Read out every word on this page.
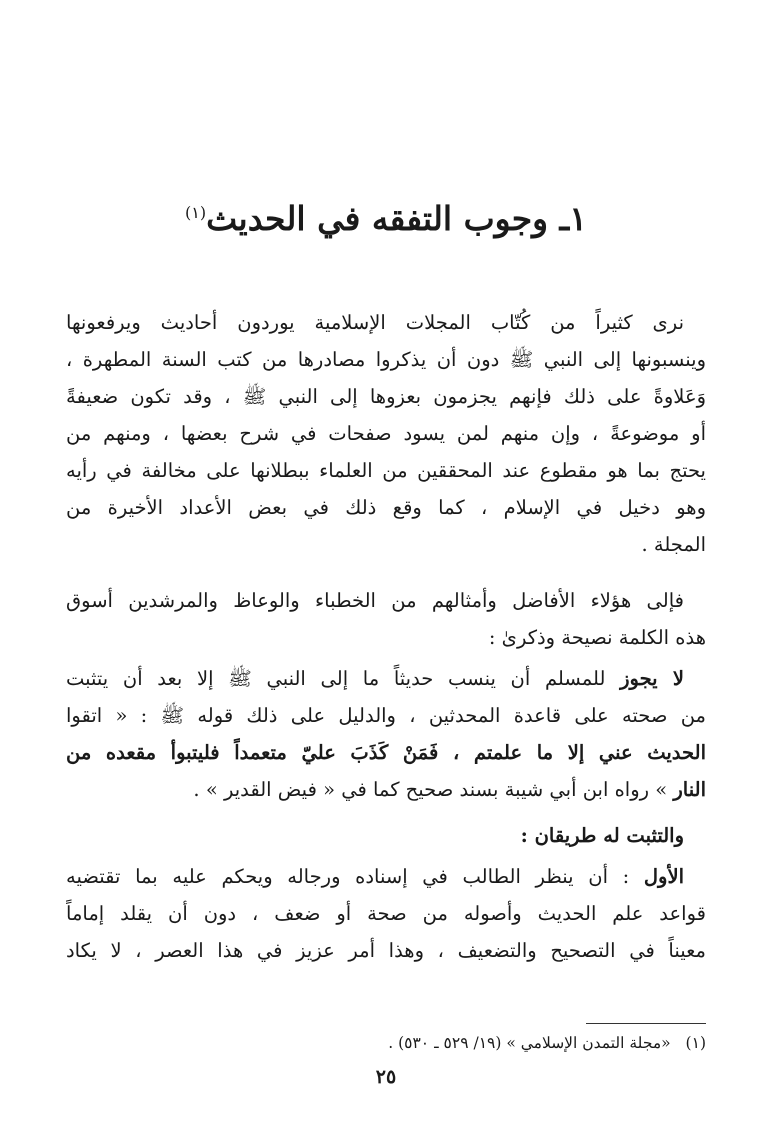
١ـ وجوب التفقه في الحديث$^{(١)}$
نرى كثيراً من كُتّاب المجلات الإسلامية يوردون أحاديث ويرفعونها
وينسبونها إلى النبي ﷺ دون أن يذكروا مصادرها من كتب السنة المطهرة ،
وَعَلاوةً على ذلك فإنهم يجزمون بعزوها إلى النبي ﷺ ، وقد تكون ضعيفةً
أو موضوعةً ، وإن منهم لمن يسود صفحات في شرح بعضها ، ومنهم من
يحتج بما هو مقطوع عند المحققين من العلماء ببطلانها على مخالفة في رأيه
وهو دخيل في الإسلام ، كما وقع ذلك في بعض الأعداد الأخيرة من
المجلة .
فإلى هؤلاء الأفاضل وأمثالهم من الخطباء والوعاظ والمرشدين أسوق
هذه الكلمة نصيحة وذكرىٰ :
لا يجوز للمسلم أن ينسب حديثاً ما إلى النبي ﷺ إلا بعد أن يتثبت
من صحته على قاعدة المحدثين ، والدليل على ذلك قوله ﷺ : « اتقوا
الحديث عني إلا ما علمتم ، فَمَنْ كَذَبَ عليّ متعمداً فليتبوأ مقعده من
النار » رواه ابن أبي شيبة بسند صحيح كما في « فيض القدير » .
والتثبت له طريقان :
الأول : أن ينظر الطالب في إسناده ورجاله ويحكم عليه بما تقتضيه
قواعد علم الحديث وأصوله من صحة أو ضعف ، دون أن يقلد إماماً
معيناً في التصحيح والتضعيف ، وهذا أمر عزيز في هذا العصر ، لا يكاد
(١) «مجلة التمدن الإسلامي » (١٩/ ٥٢٩ ـ ٥٣٠) .
٢٥
